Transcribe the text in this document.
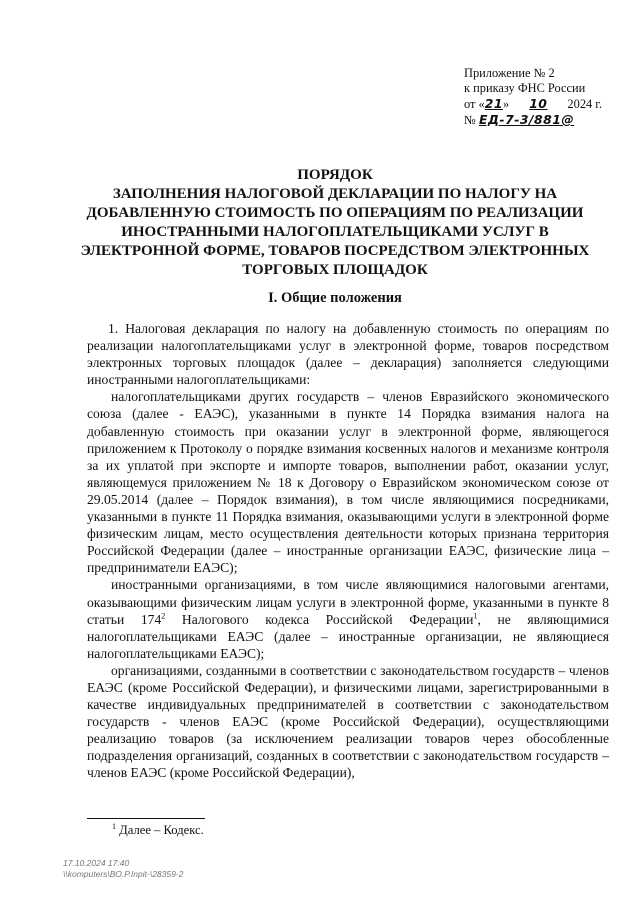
Приложение № 2
к приказу ФНС России
от «21» 10 2024 г.
№ ЕД-7-3/881@
ПОРЯДОК
ЗАПОЛНЕНИЯ НАЛОГОВОЙ ДЕКЛАРАЦИИ ПО НАЛОГУ НА
ДОБАВЛЕННУЮ СТОИМОСТЬ ПО ОПЕРАЦИЯМ ПО РЕАЛИЗАЦИИ
ИНОСТРАННЫМИ НАЛОГОПЛАТЕЛЬЩИКАМИ УСЛУГ В
ЭЛЕКТРОННОЙ ФОРМЕ, ТОВАРОВ ПОСРЕДСТВОМ ЭЛЕКТРОННЫХ
ТОРГОВЫХ ПЛОЩАДОК
I. Общие положения

1. Налоговая декларация по налогу на добавленную стоимость по операциям по реализации налогоплательщиками услуг в электронной форме, товаров посредством электронных торговых площадок (далее – декларация) заполняется следующими иностранными налогоплательщиками:

налогоплательщиками других государств – членов Евразийского экономического союза (далее - ЕАЭС), указанными в пункте 14 Порядка взимания налога на добавленную стоимость при оказании услуг в электронной форме, являющегося приложением к Протоколу о порядке взимания косвенных налогов и механизме контроля за их уплатой при экспорте и импорте товаров, выполнении работ, оказании услуг, являющемуся приложением № 18 к Договору о Евразийском экономическом союзе от 29.05.2014 (далее – Порядок взимания), в том числе являющимися посредниками, указанными в пункте 11 Порядка взимания, оказывающими услуги в электронной форме физическим лицам, место осуществления деятельности которых признана территория Российской Федерации (далее – иностранные организации ЕАЭС, физические лица – предприниматели ЕАЭС);

иностранными организациями, в том числе являющимися налоговыми агентами, оказывающими физическим лицам услуги в электронной форме, указанными в пункте 8 статьи $174^2$ Налогового кодекса Российской Федерации$^1$, не являющимися налогоплательщиками ЕАЭС (далее – иностранные организации, не являющиеся налогоплательщиками ЕАЭС);

организациями, созданными в соответствии с законодательством государств – членов ЕАЭС (кроме Российской Федерации), и физическими лицами, зарегистрированными в качестве индивидуальных предпринимателей в соответствии с законодательством государств - членов ЕАЭС (кроме Российской Федерации), осуществляющими реализацию товаров (за исключением реализации товаров через обособленные подразделения организаций, созданных в соответствии с законодательством государств – членов ЕАЭС (кроме Российской Федерации),

$^1$ Далее – Кодекс.
17.10.2024 17:40
\\komputers\ВО.Р.Inpit-\28359-2
